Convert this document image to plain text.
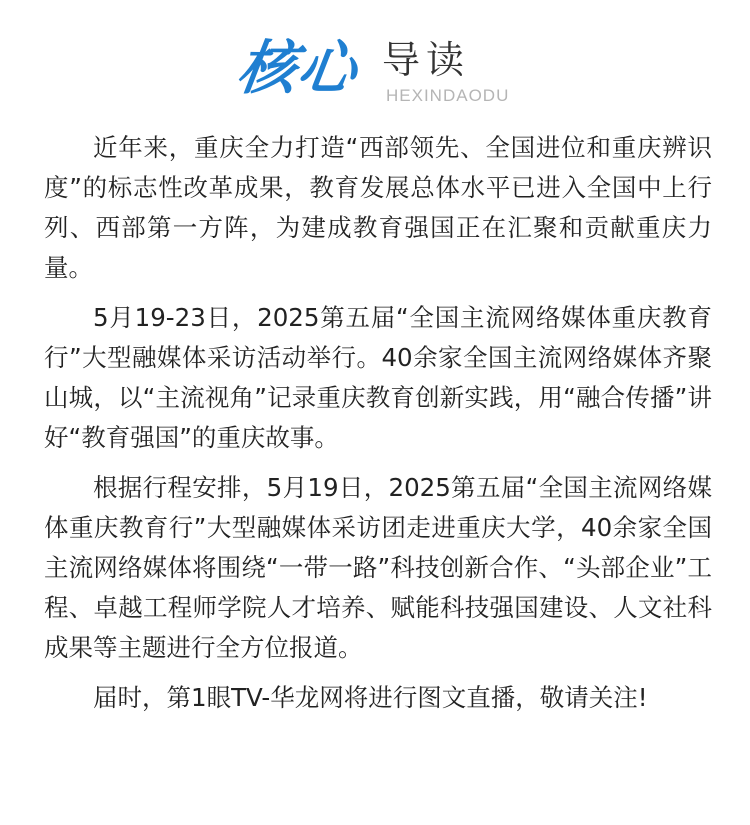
核心 导读
HEXINDAODU

近年来，重庆全力打造“西部领先、全国进位和重庆辨识度”的标志性改革成果，教育发展总体水平已进入全国中上行列、西部第一方阵，为建成教育强国正在汇聚和贡献重庆力量。

5月19-23日，2025第五届“全国主流网络媒体重庆教育行”大型融媒体采访活动举行。40余家全国主流网络媒体齐聚山城，以“主流视角”记录重庆教育创新实践，用“融合传播”讲好“教育强国”的重庆故事。

根据行程安排，5月19日，2025第五届“全国主流网络媒体重庆教育行”大型融媒体采访团走进重庆大学，40余家全国主流网络媒体将围绕“一带一路”科技创新合作、“头部企业”工程、卓越工程师学院人才培养、赋能科技强国建设、人文社科成果等主题进行全方位报道。

届时，第1眼TV-华龙网将进行图文直播，敬请关注!
